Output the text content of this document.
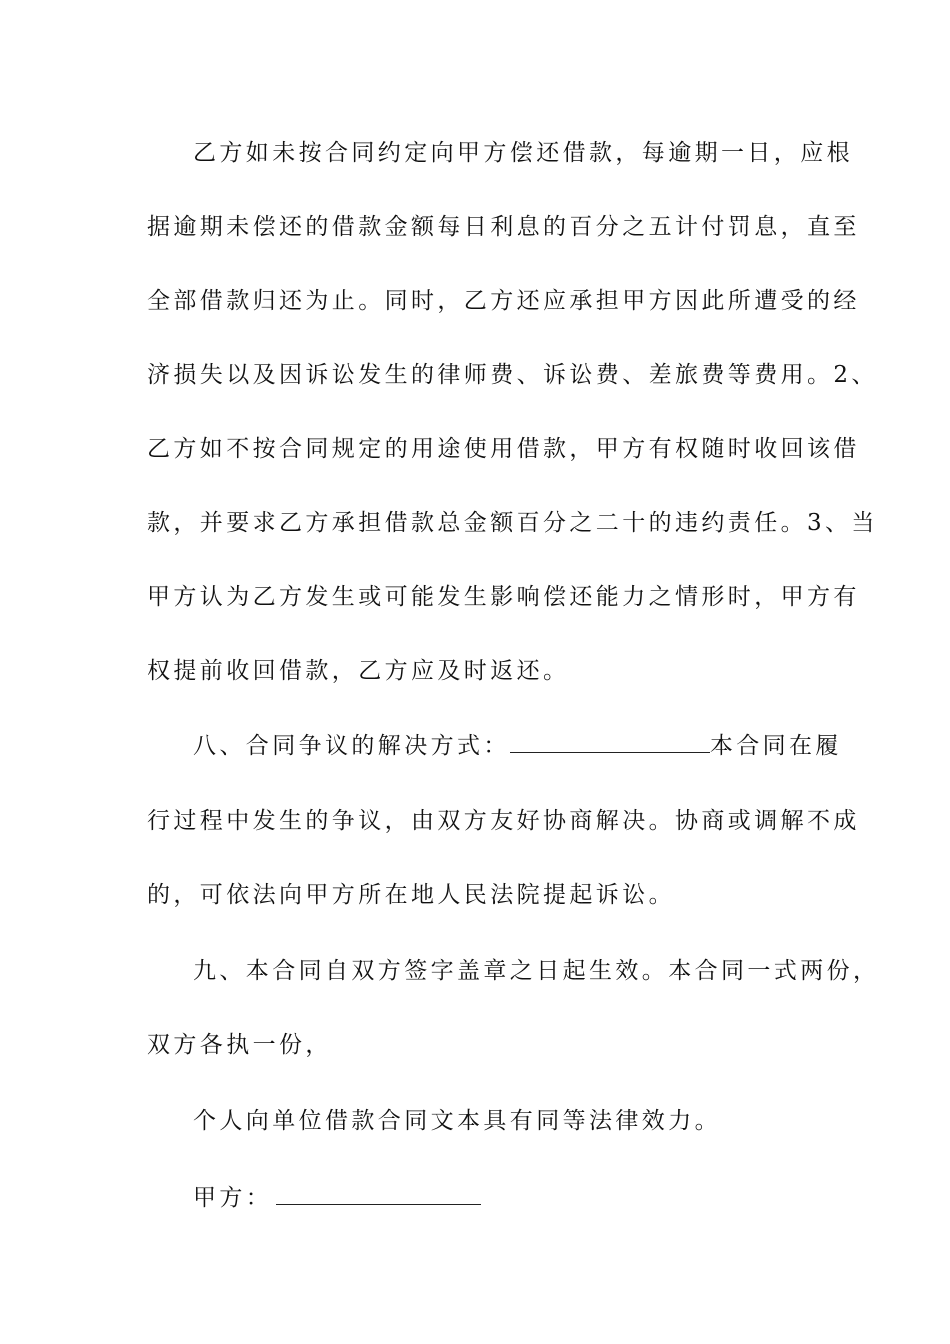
乙方如未按合同约定向甲方偿还借款，每逾期一日，应根
据逾期未偿还的借款金额每日利息的百分之五计付罚息，直至
全部借款归还为止。同时，乙方还应承担甲方因此所遭受的经
济损失以及因诉讼发生的律师费、诉讼费、差旅费等费用。2、
乙方如不按合同规定的用途使用借款，甲方有权随时收回该借
款，并要求乙方承担借款总金额百分之二十的违约责任。3、当
甲方认为乙方发生或可能发生影响偿还能力之情形时，甲方有
权提前收回借款，乙方应及时返还。
八、合同争议的解决方式：	本合同在履
行过程中发生的争议，由双方友好协商解决。协商或调解不成
的，可依法向甲方所在地人民法院提起诉讼。
九、本合同自双方签字盖章之日起生效。本合同一式两份，
双方各执一份，
个人向单位借款合同文本具有同等法律效力。
甲方：
